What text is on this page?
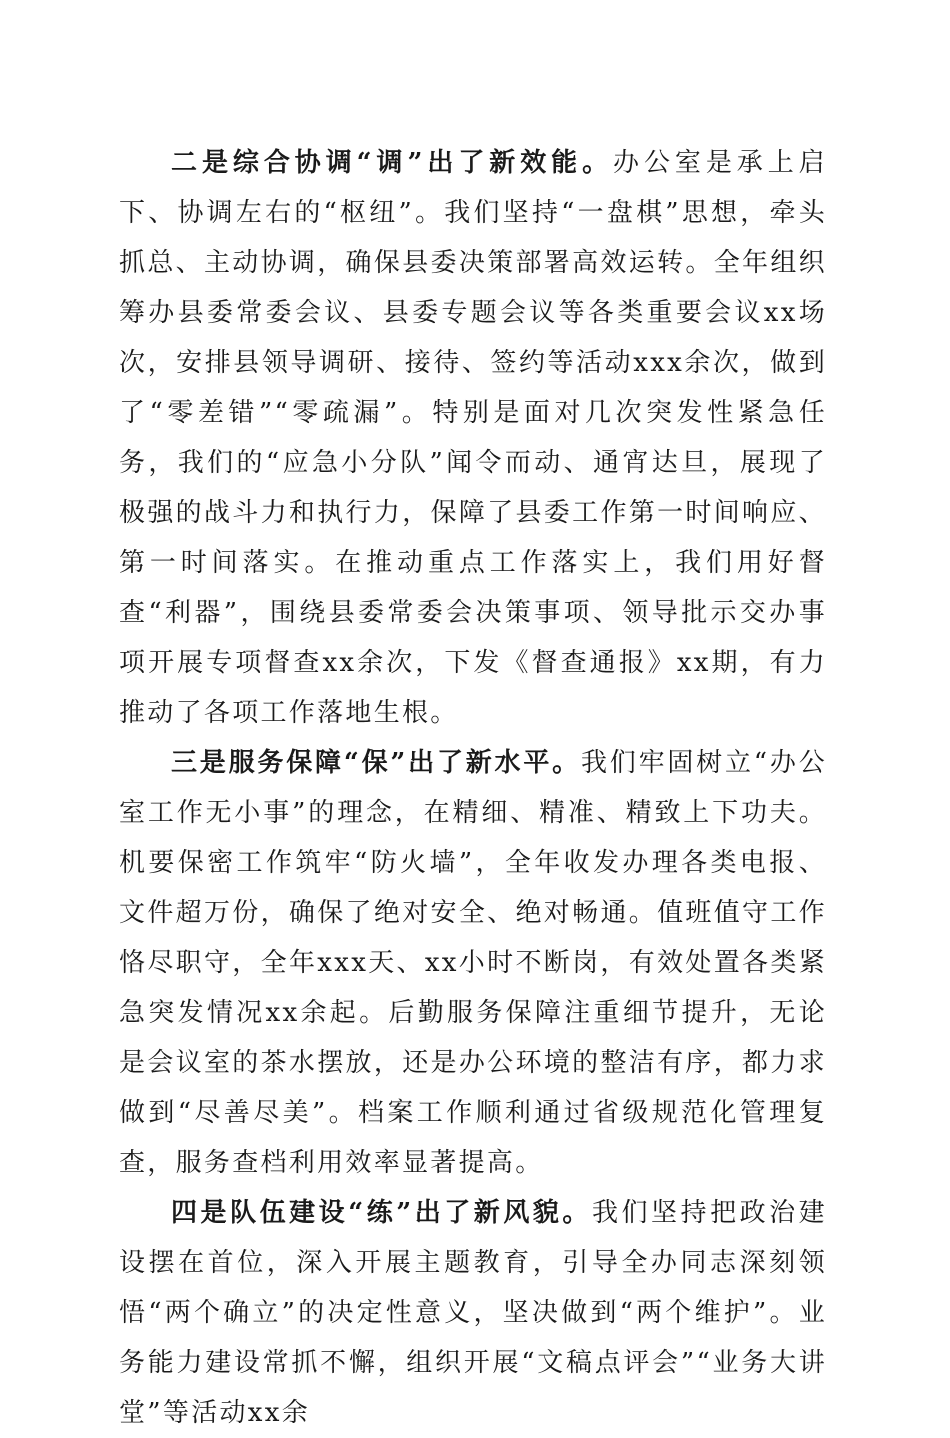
二是综合协调“调”出了新效能。办公室是承上启下、协调左右的“枢纽”。我们坚持“一盘棋”思想，牵头抓总、主动协调，确保县委决策部署高效运转。全年组织筹办县委常委会议、县委专题会议等各类重要会议xx场次，安排县领导调研、接待、签约等活动xxx余次，做到了“零差错”“零疏漏”。特别是面对几次突发性紧急任务，我们的“应急小分队”闻令而动、通宵达旦，展现了极强的战斗力和执行力，保障了县委工作第一时间响应、第一时间落实。在推动重点工作落实上，我们用好督查“利器”，围绕县委常委会决策事项、领导批示交办事项开展专项督查xx余次，下发《督查通报》xx期，有力推动了各项工作落地生根。

三是服务保障“保”出了新水平。我们牢固树立“办公室工作无小事”的理念，在精细、精准、精致上下功夫。机要保密工作筑牢“防火墙”，全年收发办理各类电报、文件超万份，确保了绝对安全、绝对畅通。值班值守工作恪尽职守，全年xxx天、xx小时不断岗，有效处置各类紧急突发情况xx余起。后勤服务保障注重细节提升，无论是会议室的茶水摆放，还是办公环境的整洁有序，都力求做到“尽善尽美”。档案工作顺利通过省级规范化管理复查，服务查档利用效率显著提高。

四是队伍建设“练”出了新风貌。我们坚持把政治建设摆在首位，深入开展主题教育，引导全办同志深刻领悟“两个确立”的决定性意义，坚决做到“两个维护”。业务能力建设常抓不懈，组织开展“文稿点评会”“业务大讲堂”等活动xx余
